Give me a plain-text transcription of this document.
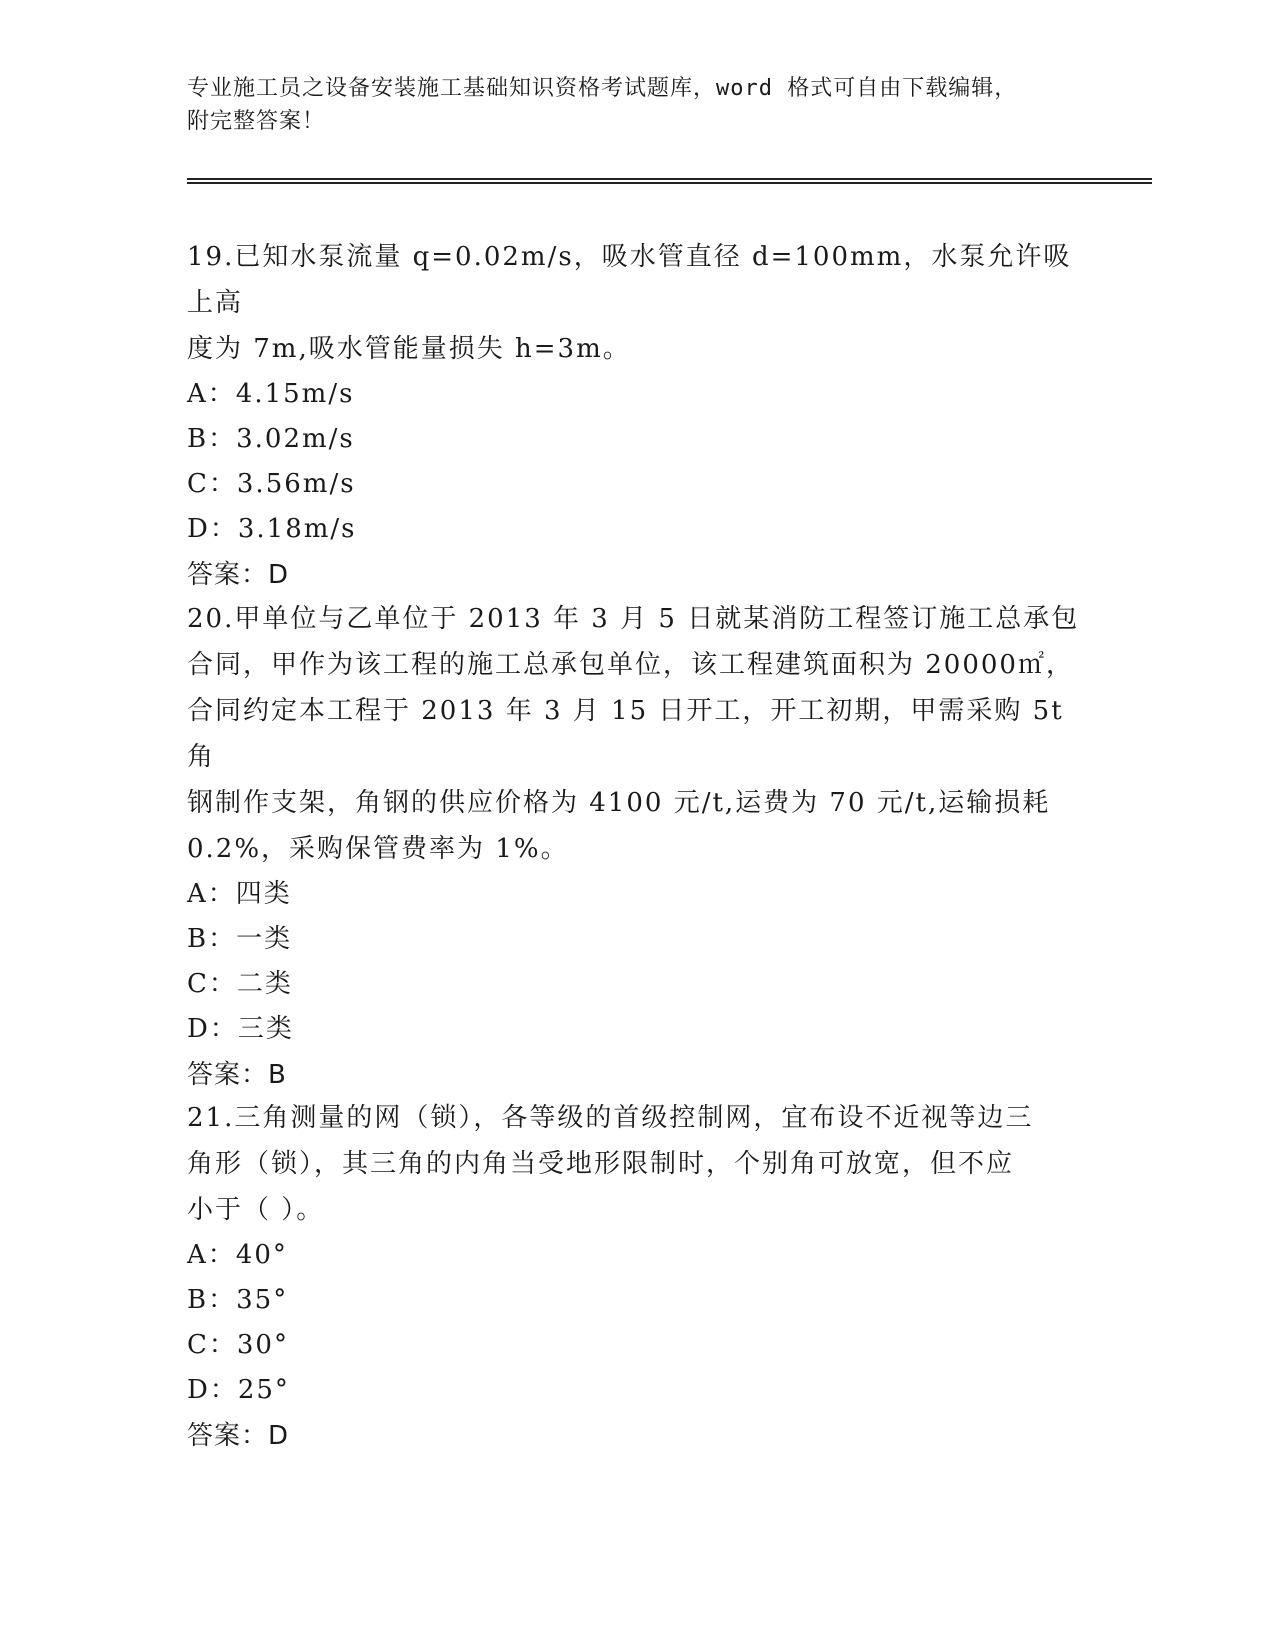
专业施工员之设备安装施工基础知识资格考试题库，word 格式可自由下载编辑，
附完整答案！
19.已知水泵流量 q=0.02m/s，吸水管直径 d=100mm，水泵允许吸上高
度为 7m,吸水管能量损失 h=3m。
A：4.15m/s
B：3.02m/s
C：3.56m/s
D：3.18m/s
答案：D
20.甲单位与乙单位于 2013 年 3 月 5 日就某消防工程签订施工总承包
合同，甲作为该工程的施工总承包单位，该工程建筑面积为 20000㎡，
合同约定本工程于 2013 年 3 月 15 日开工，开工初期，甲需采购 5t 角
钢制作支架，角钢的供应价格为 4100 元/t,运费为 70 元/t,运输损耗
0.2%，采购保管费率为 1%。
A：四类
B：一类
C：二类
D：三类
答案：B
21.三角测量的网（锁），各等级的首级控制网，宜布设不近视等边三
角形（锁），其三角的内角当受地形限制时，个别角可放宽，但不应
小于（ ）。
A：40°
B：35°
C：30°
D：25°
答案：D
